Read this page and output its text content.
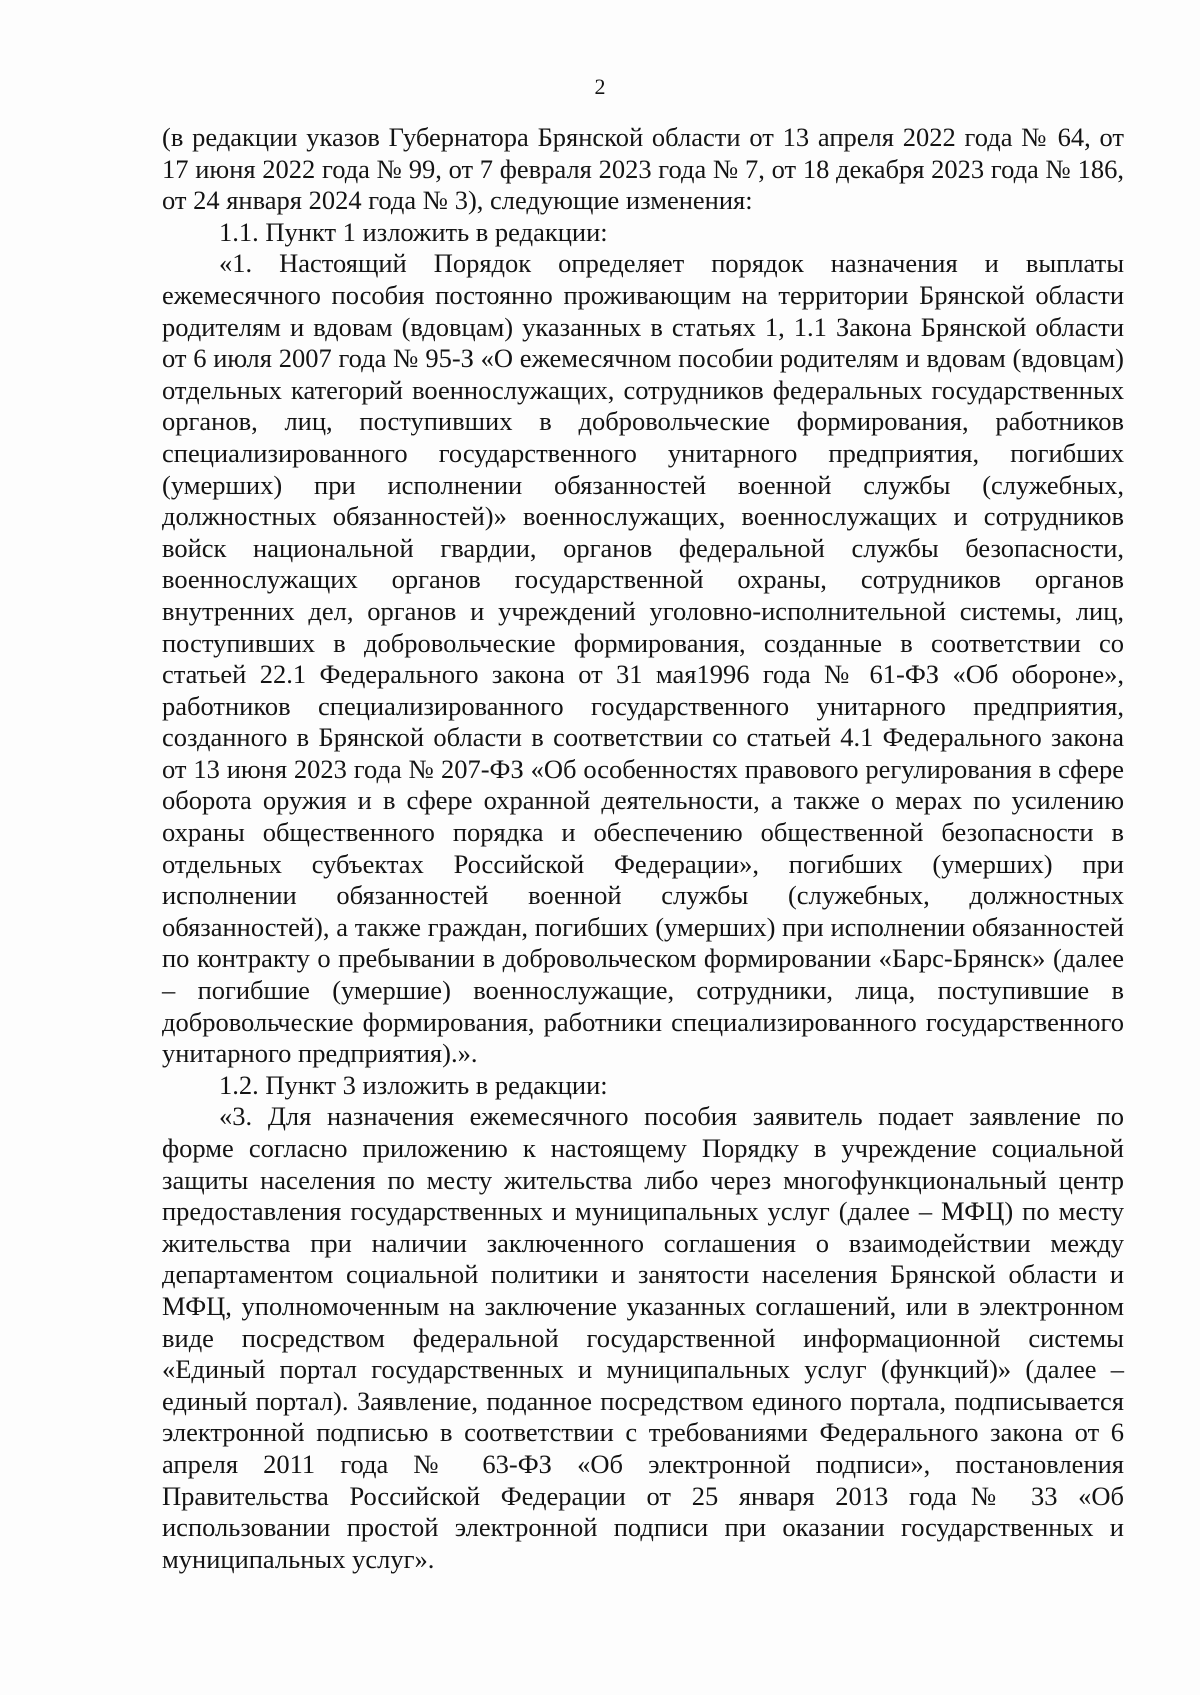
2

(в редакции указов Губернатора Брянской области от 13 апреля 2022 года № 64, от 17 июня 2022 года № 99, от 7 февраля 2023 года № 7, от 18 декабря 2023 года № 186, от 24 января 2024 года № 3), следующие изменения:

1.1. Пункт 1 изложить в редакции:

«1. Настоящий Порядок определяет порядок назначения и выплаты ежемесячного пособия постоянно проживающим на территории Брянской области родителям и вдовам (вдовцам) указанных в статьях 1, 1.1 Закона Брянской области от 6 июля 2007 года № 95-З «О ежемесячном пособии родителям и вдовам (вдовцам) отдельных категорий военнослужащих, сотрудников федеральных государственных органов, лиц, поступивших в добровольческие формирования, работников специализированного государственного унитарного предприятия, погибших (умерших) при исполнении обязанностей военной службы (служебных, должностных обязанностей)» военнослужащих, военнослужащих и сотрудников войск национальной гвардии, органов федеральной службы безопасности, военнослужащих органов государственной охраны, сотрудников органов внутренних дел, органов и учреждений уголовно-исполнительной системы, лиц, поступивших в добровольческие формирования, созданные в соответствии со статьей 22.1 Федерального закона от 31 мая1996 года № 61-ФЗ «Об обороне», работников специализированного государственного унитарного предприятия, созданного в Брянской области в соответствии со статьей 4.1 Федерального закона от 13 июня 2023 года № 207-ФЗ «Об особенностях правового регулирования в сфере оборота оружия и в сфере охранной деятельности, а также о мерах по усилению охраны общественного порядка и обеспечению общественной безопасности в отдельных субъектах Российской Федерации», погибших (умерших) при исполнении обязанностей военной службы (служебных, должностных обязанностей), а также граждан, погибших (умерших) при исполнении обязанностей по контракту о пребывании в добровольческом формировании «Барс-Брянск» (далее – погибшие (умершие) военнослужащие, сотрудники, лица, поступившие в добровольческие формирования, работники специализированного государственного унитарного предприятия).».

1.2. Пункт 3 изложить в редакции:

«3. Для назначения ежемесячного пособия заявитель подает заявление по форме согласно приложению к настоящему Порядку в учреждение социальной защиты населения по месту жительства либо через многофункциональный центр предоставления государственных и муниципальных услуг (далее – МФЦ) по месту жительства при наличии заключенного соглашения о взаимодействии между департаментом социальной политики и занятости населения Брянской области и МФЦ, уполномоченным на заключение указанных соглашений, или в электронном виде посредством федеральной государственной информационной системы «Единый портал государственных и муниципальных услуг (функций)» (далее – единый портал). Заявление, поданное посредством единого портала, подписывается электронной подписью в соответствии с требованиями Федерального закона от 6 апреля 2011 года № 63-ФЗ «Об электронной подписи», постановления Правительства Российской Федерации от 25 января 2013 года№ 33 «Об использовании простой электронной подписи при оказании государственных и муниципальных услуг».
